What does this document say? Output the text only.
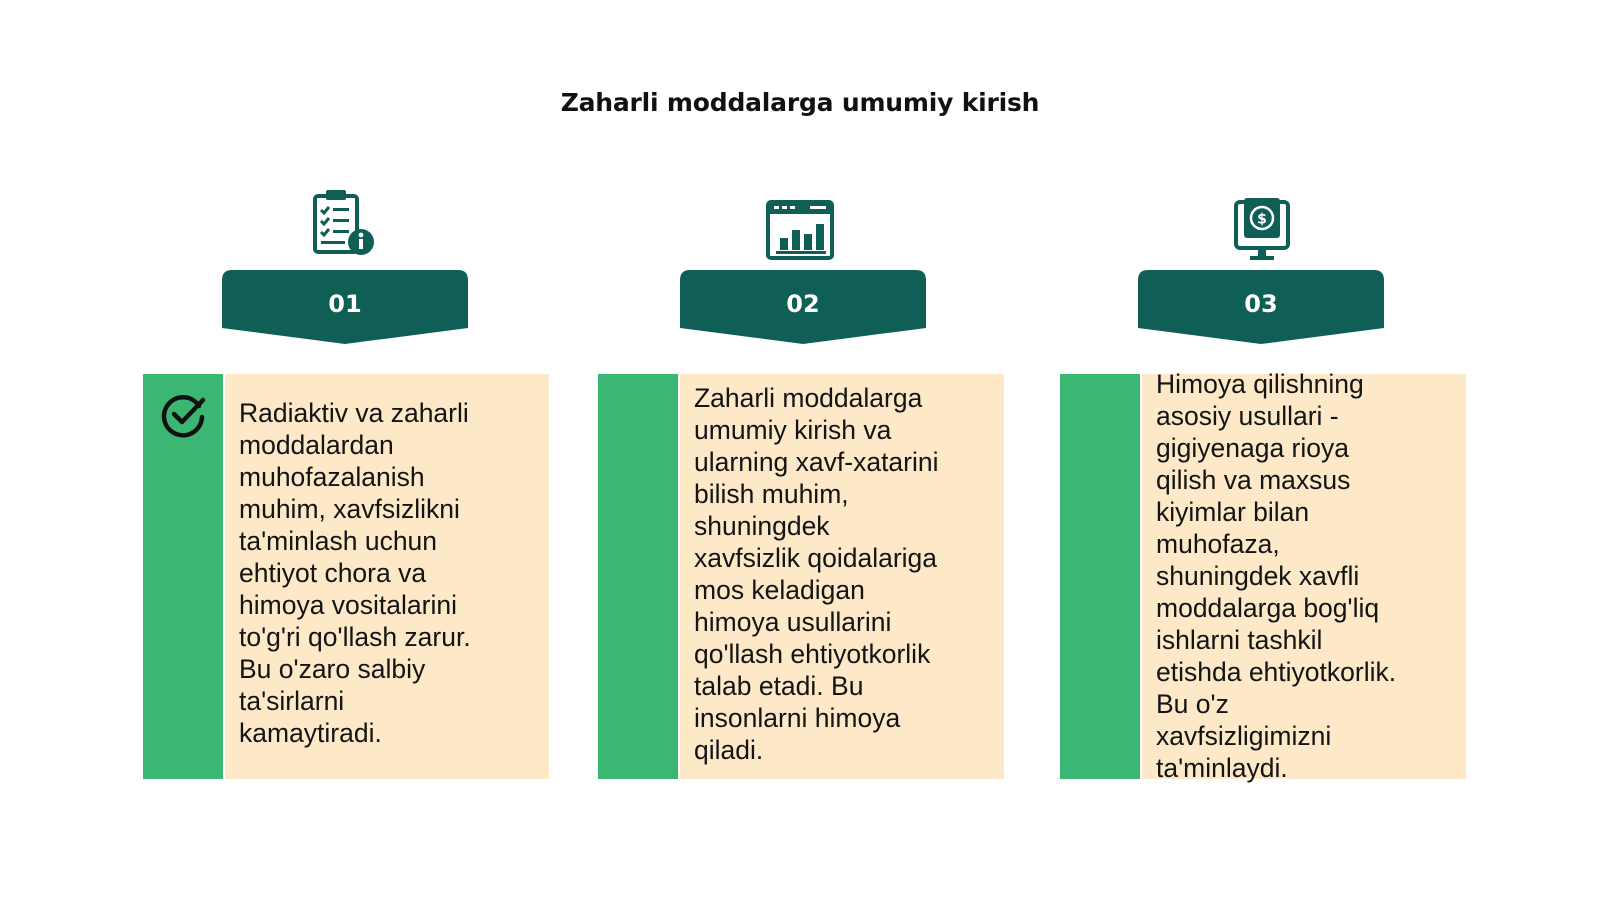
Zaharli moddalarga umumiy kirish
01
Radiaktiv va zaharli
moddalardan
muhofazalanish
muhim, xavfsizlikni
ta'minlash uchun
ehtiyot chora va
himoya vositalarini
to'g'ri qo'llash zarur.
Bu o'zaro salbiy
ta'sirlarni
kamaytiradi.
02
Zaharli moddalarga
umumiy kirish va
ularning xavf-xatarini
bilish muhim,
shuningdek
xavfsizlik qoidalariga
mos keladigan
himoya usullarini
qo'llash ehtiyotkorlik
talab etadi. Bu
insonlarni himoya
qiladi.
$
03
Himoya qilishning
asosiy usullari -
gigiyenaga rioya
qilish va maxsus
kiyimlar bilan
muhofaza,
shuningdek xavfli
moddalarga bog'liq
ishlarni tashkil
etishda ehtiyotkorlik.
Bu o'z
xavfsizligimizni
ta'minlaydi.
